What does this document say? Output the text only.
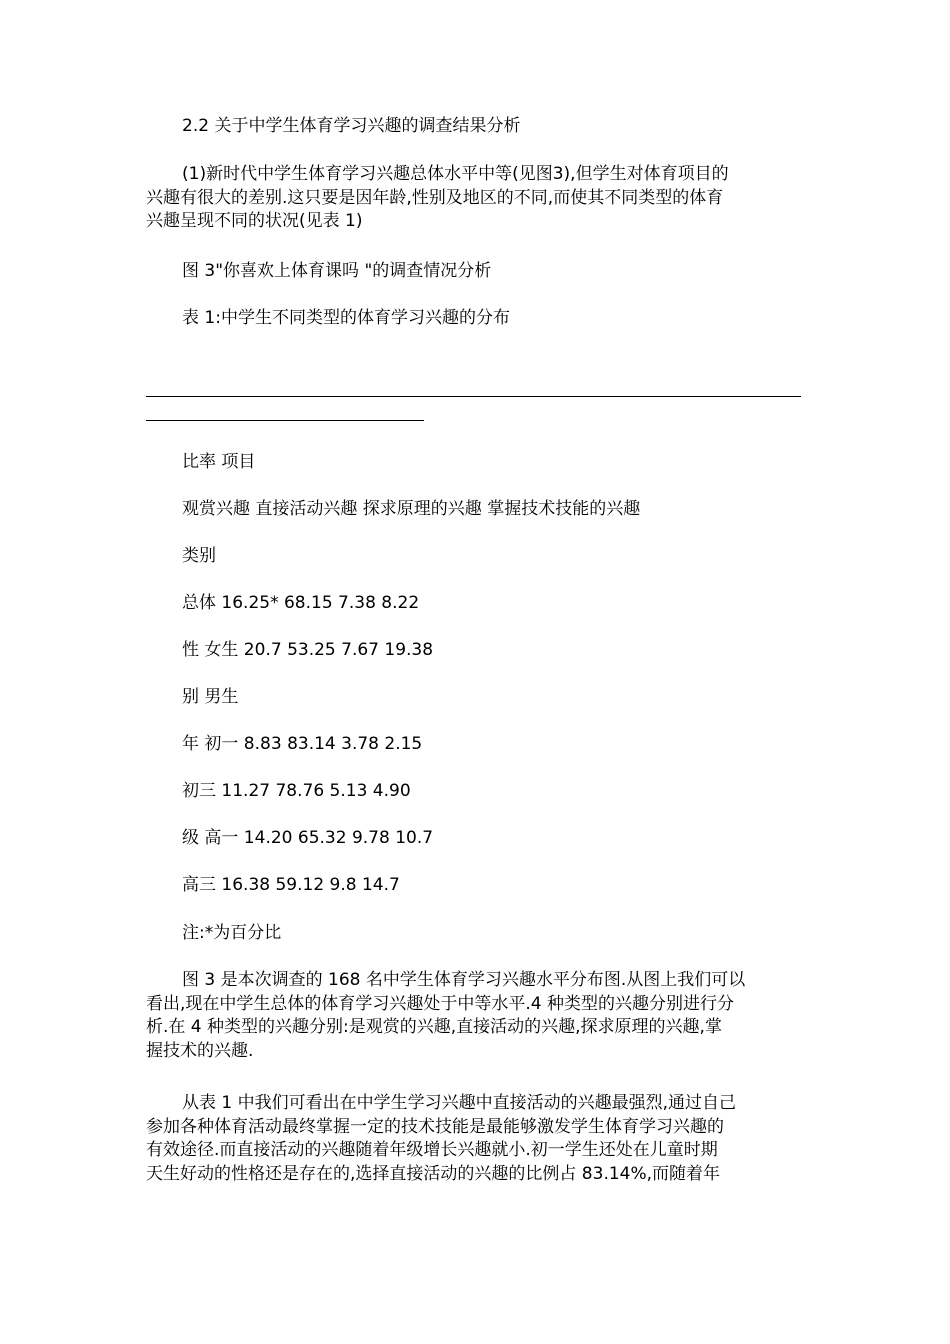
2.2 关于中学生体育学习兴趣的调查结果分析

(1)新时代中学生体育学习兴趣总体水平中等(见图3),但学生对体育项目的

兴趣有很大的差别.这只要是因年龄,性别及地区的不同,而使其不同类型的体育

兴趣呈现不同的状况(见表 1)

图 3"你喜欢上体育课吗 "的调查情况分析
表 1:中学生不同类型的体育学习兴趣的分布
比率 项目
观赏兴趣 直接活动兴趣 探求原理的兴趣 掌握技术技能的兴趣
类别
总体 16.25* 68.15 7.38 8.22
性 女生 20.7 53.25 7.67 19.38
别 男生
年 初一 8.83 83.14 3.78 2.15
初三 11.27 78.76 5.13 4.90
级 高一 14.20 65.32 9.78 10.7
高三 16.38 59.12 9.8 14.7
注:*为百分比

图 3 是本次调查的 168 名中学生体育学习兴趣水平分布图.从图上我们可以

看出,现在中学生总体的体育学习兴趣处于中等水平.4 种类型的兴趣分别进行分

析.在 4 种类型的兴趣分别:是观赏的兴趣,直接活动的兴趣,探求原理的兴趣,掌

握技术的兴趣.

从表 1 中我们可看出在中学生学习兴趣中直接活动的兴趣最强烈,通过自己

参加各种体育活动最终掌握一定的技术技能是最能够激发学生体育学习兴趣的

有效途径.而直接活动的兴趣随着年级增长兴趣就小.初一学生还处在儿童时期

天生好动的性格还是存在的,选择直接活动的兴趣的比例占 83.14%,而随着年
